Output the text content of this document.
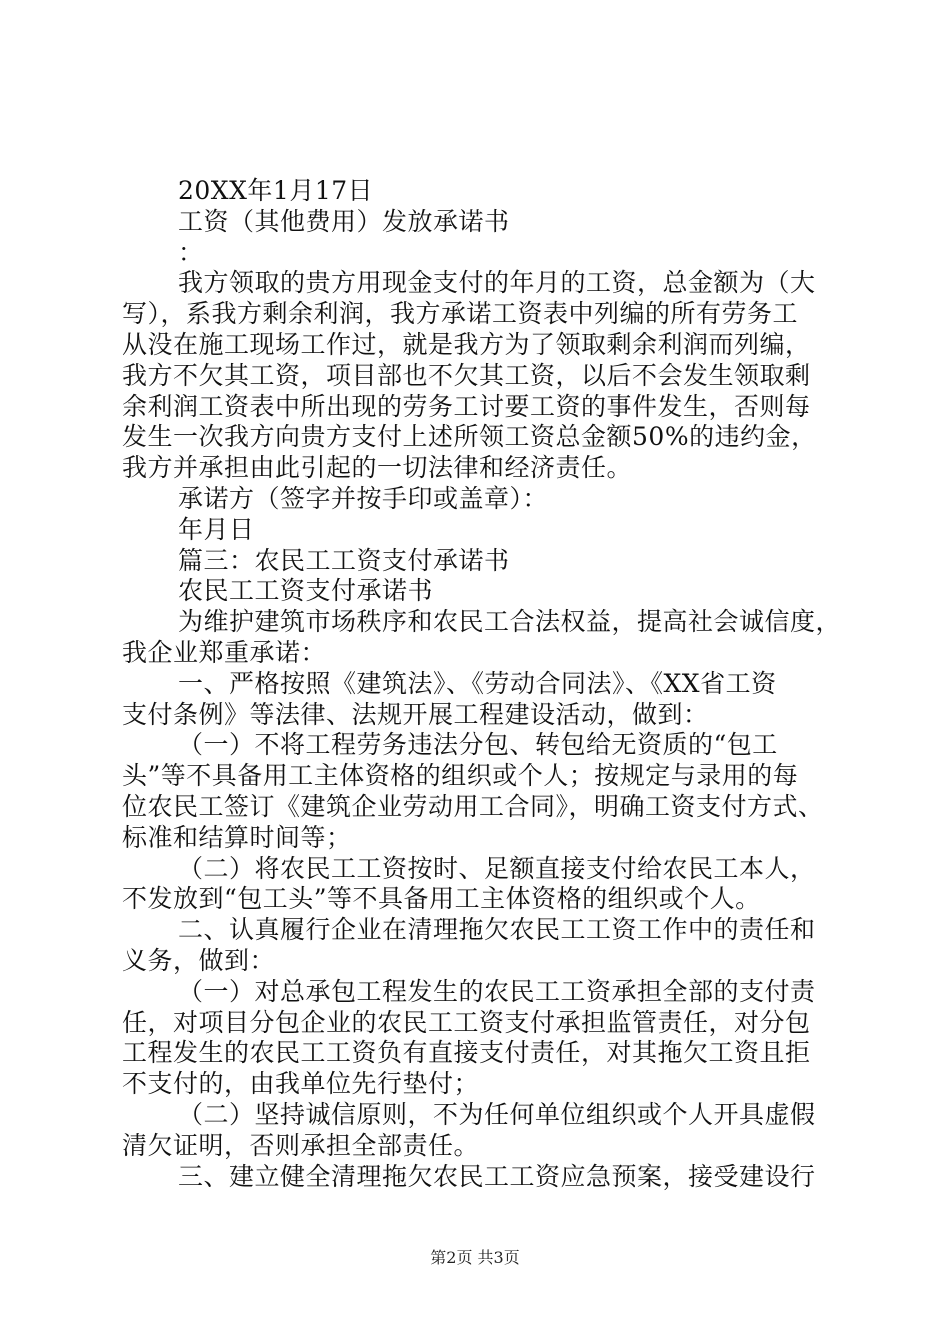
20XX年1月17日
工资（其他费用）发放承诺书
：
我方领取的贵方用现金支付的年月的工资，总金额为（大
写），系我方剩余利润，我方承诺工资表中列编的所有劳务工
从没在施工现场工作过，就是我方为了领取剩余利润而列编，
我方不欠其工资，项目部也不欠其工资，以后不会发生领取剩
余利润工资表中所出现的劳务工讨要工资的事件发生，否则每
发生一次我方向贵方支付上述所领工资总金额50%的违约金，
我方并承担由此引起的一切法律和经济责任。
承诺方（签字并按手印或盖章）：
年月日
篇三：农民工工资支付承诺书
农民工工资支付承诺书
为维护建筑市场秩序和农民工合法权益，提高社会诚信度，
我企业郑重承诺：
一、严格按照《建筑法》、《劳动合同法》、《XX省工资
支付条例》等法律、法规开展工程建设活动，做到：
（一）不将工程劳务违法分包、转包给无资质的“包工
头”等不具备用工主体资格的组织或个人；按规定与录用的每
位农民工签订《建筑企业劳动用工合同》，明确工资支付方式、
标准和结算时间等；
（二）将农民工工资按时、足额直接支付给农民工本人，
不发放到“包工头”等不具备用工主体资格的组织或个人。
二、认真履行企业在清理拖欠农民工工资工作中的责任和
义务，做到：
（一）对总承包工程发生的农民工工资承担全部的支付责
任，对项目分包企业的农民工工资支付承担监管责任，对分包
工程发生的农民工工资负有直接支付责任，对其拖欠工资且拒
不支付的，由我单位先行垫付；
（二）坚持诚信原则，不为任何单位组织或个人开具虚假
清欠证明，否则承担全部责任。
三、建立健全清理拖欠农民工工资应急预案，接受建设行
第2页 共3页
